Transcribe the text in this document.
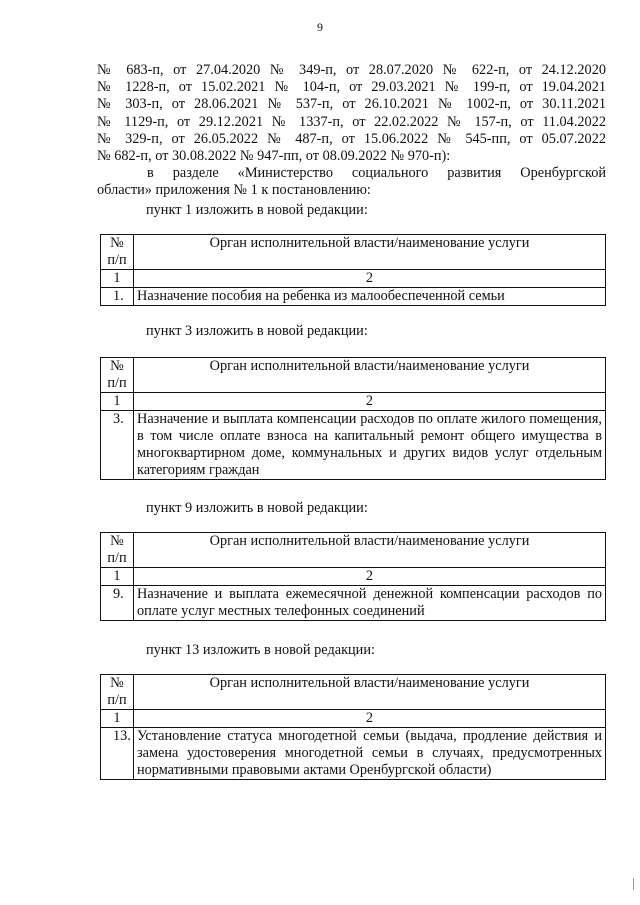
9

№ 683-п, от 27.04.2020 № 349-п, от 28.07.2020 № 622-п, от 24.12.2020

№ 1228-п, от 15.02.2021 № 104-п, от 29.03.2021 № 199-п, от 19.04.2021

№ 303-п, от 28.06.2021 № 537-п, от 26.10.2021 № 1002-п, от 30.11.2021

№ 1129-п, от 29.12.2021 № 1337-п, от 22.02.2022 № 157-п, от 11.04.2022

№ 329-п, от 26.05.2022 № 487-п, от 15.06.2022 № 545-пп, от 05.07.2022

№ 682-п, от 30.08.2022 № 947-пп, от 08.09.2022 № 970-п):

в разделе «Министерство социального развития Оренбургской

области» приложения № 1 к постановлению:

пункт 1 изложить в новой редакции:
№
п/п	Орган исполнительной власти/наименование услуги
1	2
1.	Назначение пособия на ребенка из малообеспеченной семьи
пункт 3 изложить в новой редакции:
№
п/п	Орган исполнительной власти/наименование услуги
1	2
3.	Назначение и выплата компенсации расходов по оплате жилого помещения, в том числе оплате взноса на капитальный ремонт общего имущества в многоквартирном доме, коммунальных и других видов услуг отдельным категориям граждан
пункт 9 изложить в новой редакции:
№
п/п	Орган исполнительной власти/наименование услуги
1	2
9.	Назначение и выплата ежемесячной денежной компенсации расходов по оплате услуг местных телефонных соединений
пункт 13 изложить в новой редакции:
№
п/п	Орган исполнительной власти/наименование услуги
1	2
13.	Установление статуса многодетной семьи (выдача, продление действия и замена удостоверения многодетной семьи в случаях, предусмотренных нормативными правовыми актами Оренбургской области)
